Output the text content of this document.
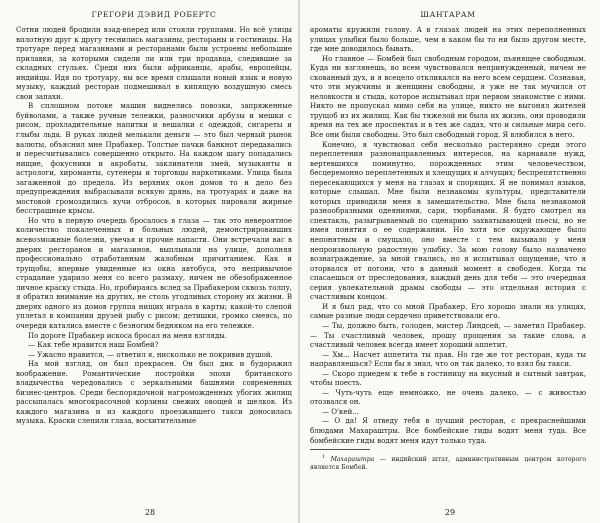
ГРЕГОРИ ДЭВИД РОБЕРТС

Сотни людей бродили взад-вперед или стояли группами. Но всё улицы вплотную друг к другу теснились магазины, рестораны и гостиницы. На тротуаре перед магазинами и ресторанами были устроены небольшие прилавки, за которыми сидели ли или три продавца, следившие за складных стульях. Среди них были африканцы, арабы, европейцы, индийцы. Идя по тротуару, вы все время слышали новый язык и новую музыку, каждый ресторан подмешивал в кипящую воздушную смесь свои запахи.

В сплошном потоке машин виднелись повозки, запряженные буйволами, а также ручные тележки, разносчики арбузы и мешки с рисом, прохладительные напитки и вешалки с одеждой, сигареты и глыбы льда. В руках людей мелькали деньги — это был черный рынок валюты, объяснил мне Прабакер. Толстые пачки банкнот передавались и пересчитывались совершенно открыто. На каждом шагу попадались нищие, фокусники и акробаты, заклинатели змей, музыканты и астрологи, хироманты, сутенеры и торговцы наркотиками. Улица была загаженной до предела. Из верхних окон домов то и дело без предупреждения выбрасывали всякую дрянь, на тротуарах и даже на мостовой громоздились кучи отбросов, в которых пировали жирные бесстрашные крысы.

Но что в первую очередь бросалось в глаза — так это невероятное количество покалеченных и больных людей, демонстрировавших всевозможные болезни, увечья и прочие напасти. Они встречали вас в дверях ресторанов и магазинов, выплывали на улице, дополняя профессионально отработанным жалобным причитанием. Как и трущобы, впервые увиденные из окна автобуса, это непривычное страдание ударило меня со всего размаху, ничем не обезображенное личное краску стыда. Но, пробираясь вслед за Прабакером сквозь толпу, я обратил внимание на других, не столь угодливых сторону их жизни. В дверях одного из домов группа нищих играла в карты; какой-то слепой уплетал в компании друзей рыбу с рисом; детишки, громко смеясь, по очереди катались вместе с безногим бедняком на его тележке.

По дороге Прабакер искоса бросал на меня взгляды.

— Как тебе нравится наш Бомбей?

— Ужасно нравится, — ответил я, нисколько не покривив душой.

На мой взгляд, он был прекрасен. Он был дик и будоражил воображение. Романтические постройки эпохи британского владычества чередовались с зеркальными башнями современных бизнес-центров. Среди беспорядочной нагроможденных убогих жилищ рассыпалась многокрасочной корзины свежих овощей и шелков. Из каждого магазина и из каждого проезжавшего такси доносилась музыка. Краски слепили глаза, восхитительные

28
ШАНТАРАМ

ароматы кружили голову. А в глазах людей на этих переполненных улицах улыбки было больше, чем в каком бы то ни было другом месте, где мне доводилось бывать.

Но главное — Бомбей был свободным городом, пьянящее свободным. Куда ни взглянешь, во всем чувствовался непринужденный, ничем не скованный дух, и я всецело откликался на него всем сердцем. Сознавая, что эти мужчины и женщины свободны, я уже не так мучился от неловкости и стыда, которое испытывал при первом знакомстве с ними. Никто не пропускал мимо себя на улице, никто не выгонял жителей трущоб из их жилищ. Как бы тяжелой ни была их жизнь, они проводили время на тех же проспектах и в тех же садах, что и сильные мира сего. Все они были свободны. Это был свободный город. Я влюбился в него.

Конечно, я чувствовал себя несколько растерянно среди этого переплетения разнонаправленных интересов, на карнавале нужд, вертевшихся поминутно, порожденных этим человечеством, бесцеремонно переплетенных и хлещущих и алчущих; беспрепятственно пересекающихся у меня на глазах и спорящих. Я не понимал языков, которые слышал. Мне были незнакомы культуры, представители которых приводили меня в замешательство. Мне была незнакомой разнообразными одеяниями, сари, тюрбанами. Я будто смотрел на спектакль, разыгрываемый по сценарию захватывающей пьесы, но не имея понятия о ее содержании. Но хотя все окружающее было непонятным и смущало, оно вместе с тем вызывало у меня непроизвольную радостную улыбку. За мою голову было назначено вознаграждение, за мной гнались, но я испытывал ощущение, что я оторвался от погони, что в данный момент я свободен. Когда ты спасаешься от преследования, каждый день для тебя — это очередная серия увлекательной драмы свободы — это отдельная история с счастливым концом.

И я был рад, что со мной Прабакер. Его хорошо знали на улицах, самые разные люди сердечно приветствовали его.

— Ты, должно быть, голоден, мистер Линдсей, — заметил Прабакер. — Ты счастливый человек, прошу прощения за такие слова, а счастливый человек всегда имеет хороший аппетит.

— Хм... Насчет аппетита ты прав. Но где же тот ресторан, куда ты направляешься? Если бы я знал, что он так далеко, то взял бы такси.

— Скоро приедем к тебе в гостиницу на вкусный и сытный завтрак, чтобы поесть.

— Чуть-чуть еще немножко, не очень далеко, — с живостью отозвался он.

— О'кей...

— О да! Я отведу тебя в лучший ресторан, с прекраснейшими блюдами Махараштры. Все бомбейские гиды водят меня туда. Все бомбейские гиды водят меня идут только туда.

$^1$ Махараштра — индийский штат, административным центром которого является Бомбей.
29
